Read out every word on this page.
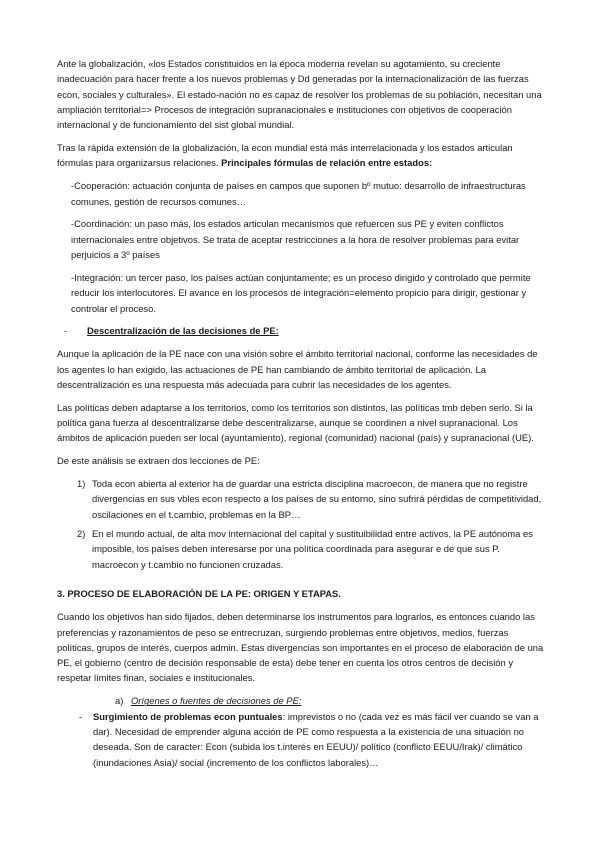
Ante la globalización, «los Estados constituidos en la época moderna revelan su agotamiento, su creciente inadecuación para hacer frente a los nuevos problemas y Dd generadas por la internacionalización de las fuerzas econ, sociales y culturales». El estado-nación no es capaz de resolver los problemas de su población, necesitan una ampliación territorial=> Procesos de integración supranacionales e instituciones con objetivos de cooperación internacional y de funcionamiento del sist global mundial.

Tras la rápida extensión de la globalización, la econ mundial está más interrelacionada y los estados articulan fórmulas para organizarsus relaciones. Principales fórmulas de relación entre estados:

-Cooperación: actuación conjunta de países en campos que suponen bº mutuo: desarrollo de infraestructuras comunes, gestión de recursos comunes…

-Coordinación: un paso más, los estados articulan mecanismos que refuercen sus PE y eviten conflictos internacionales entre objetivos. Se trata de aceptar restricciones a la hora de resolver problemas para evitar perjuicios a 3º países

-Integración: un tercer paso, los países actúan conjuntamente; es un proceso dirigido y controlado que permite reducir los interlocutores. El avance en los procesos de integración=elemento propicio para dirigir, gestionar y controlar el proceso.

-	Descentralización de las decisiones de PE:

Aunque la aplicación de la PE nace con una visión sobre el ámbito territorial nacional, conforme las necesidades de los agentes lo han exigido, las actuaciones de PE han cambiando de ámbito territorial de aplicación. La descentralización es una respuesta más adecuada para cubrir las necesidades de los agentes.

Las políticas deben adaptarse a los territorios, como los territorios son distintos, las políticas tmb deben serlo. Si la política gana fuerza al descentralizarse debe descentralizarse, aunque se coordinen a nivel supranacional. Los ámbitos de aplicación pueden ser local (ayuntamiento), regional (comunidad) nacional (país) y supranacional (UE).

De este análisis se extraen dos lecciones de PE:

1) Toda econ abierta al exterior ha de guardar una estricta disciplina macroecon, de manera que no registre divergencias en sus vbles econ respecto a los países de su entorno, sino sufrirá pérdidas de competitividad, oscilaciones en el t.cambio, problemas en la BP…
2) En el mundo actual, de alta mov internacional del capital y sustituibilidad entre activos, la PE autónoma es imposible, los países deben interesarse por una política coordinada para asegurar e de que sus P. macroecon y t.cambio no funcionen cruzadas.

3. PROCESO DE ELABORACIÓN DE LA PE: ORIGEN Y ETAPAS.

Cuando los objetivos han sido fijados, deben determinarse los instrumentos para lograrlos, es entonces cuando las preferencias y razonamientos de peso se entrecruzan, surgiendo problemas entre objetivos, medios, fuerzas políticas, grupos de interés, cuerpos admin. Estas divergencias son importantes en el proceso de elaboración de una PE, el gobierno (centro de decisión responsable de esta) debe tener en cuenta los otros centros de decisión y respetar límites finan, sociales e institucionales.

a) Orígenes o fuentes de decisiones de PE:
-	Surgimiento de problemas econ puntuales: imprevistos o no (cada vez es más fácil ver cuando se van a dar). Necesidad de emprender alguna acción de PE como respuesta a la existencia de una situación no deseada. Son de caracter: Econ (subida los t.interés en EEUU)/ político (conflicto EEUU/Irak)/ climático (inundaciones Asia)/ social (incremento de los conflictos laborales)…
